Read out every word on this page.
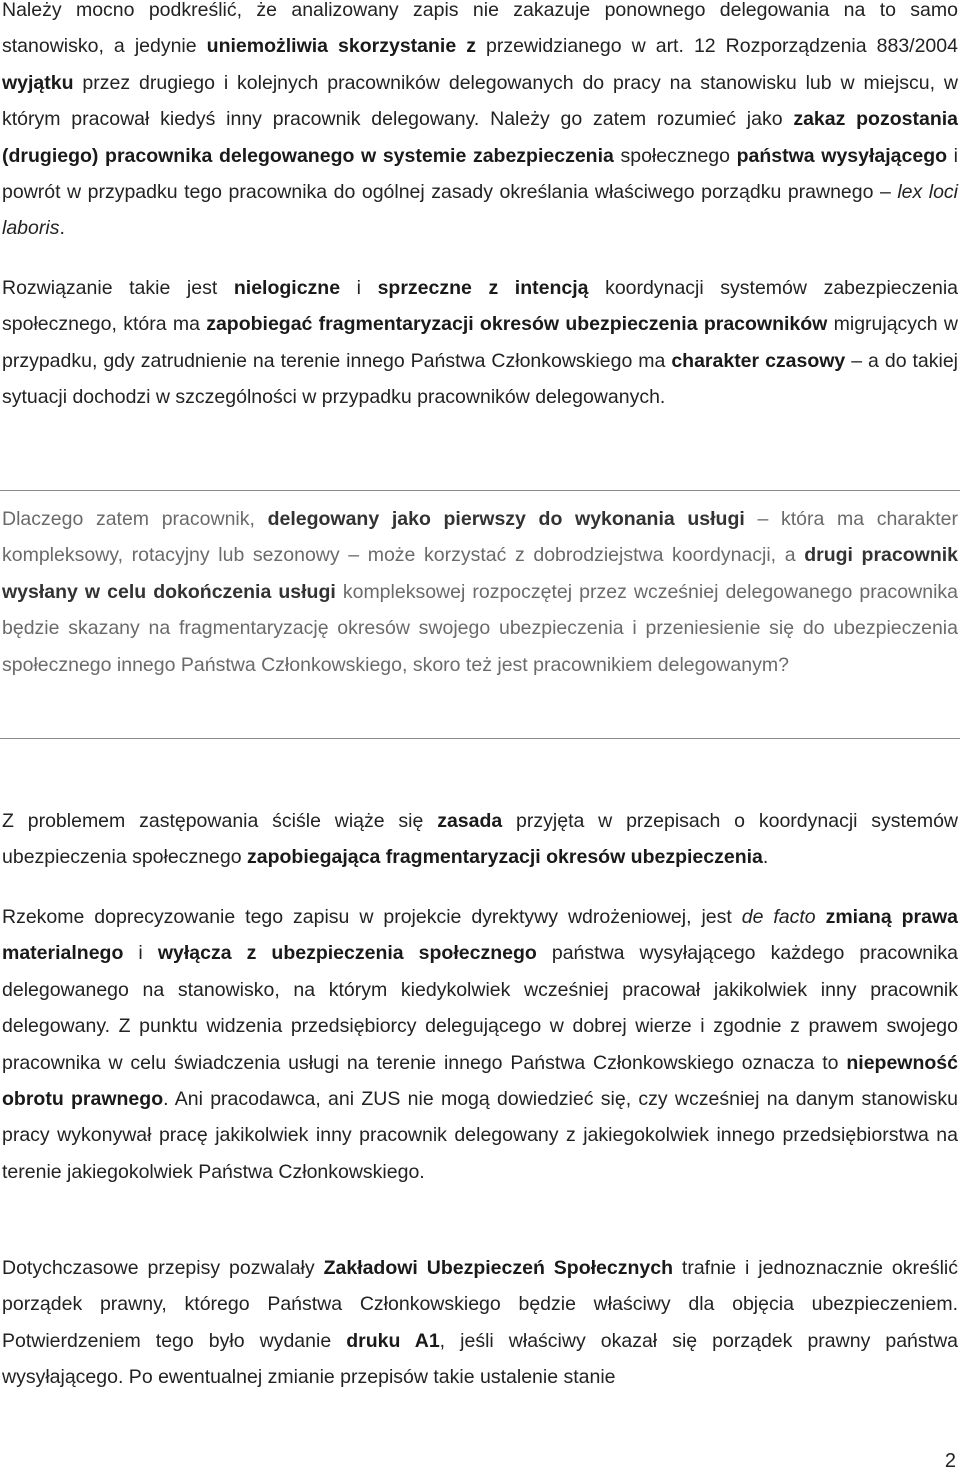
Należy mocno podkreślić, że analizowany zapis nie zakazuje ponownego delegowania na to samo stanowisko, a jedynie uniemożliwia skorzystanie z przewidzianego w art. 12 Rozporządzenia 883/2004 wyjątku przez drugiego i kolejnych pracowników delegowanych do pracy na stanowisku lub w miejscu, w którym pracował kiedyś inny pracownik delegowany. Należy go zatem rozumieć jako zakaz pozostania (drugiego) pracownika delegowanego w systemie zabezpieczenia społecznego państwa wysyłającego i powrót w przypadku tego pracownika do ogólnej zasady określania właściwego porządku prawnego – lex loci laboris.

Rozwiązanie takie jest nielogiczne i sprzeczne z intencją koordynacji systemów zabezpieczenia społecznego, która ma zapobiegać fragmentaryzacji okresów ubezpieczenia pracowników migrujących w przypadku, gdy zatrudnienie na terenie innego Państwa Członkowskiego ma charakter czasowy – a do takiej sytuacji dochodzi w szczególności w przypadku pracowników delegowanych.

Dlaczego zatem pracownik, delegowany jako pierwszy do wykonania usługi – która ma charakter kompleksowy, rotacyjny lub sezonowy – może korzystać z dobrodziejstwa koordynacji, a drugi pracownik wysłany w celu dokończenia usługi kompleksowej rozpoczętej przez wcześniej delegowanego pracownika będzie skazany na fragmentaryzację okresów swojego ubezpieczenia i przeniesienie się do ubezpieczenia społecznego innego Państwa Członkowskiego, skoro też jest pracownikiem delegowanym?

Z problemem zastępowania ściśle wiąże się zasada przyjęta w przepisach o koordynacji systemów ubezpieczenia społecznego zapobiegająca fragmentaryzacji okresów ubezpieczenia.

Rzekome doprecyzowanie tego zapisu w projekcie dyrektywy wdrożeniowej, jest de facto zmianą prawa materialnego i wyłącza z ubezpieczenia społecznego państwa wysyłającego każdego pracownika delegowanego na stanowisko, na którym kiedykolwiek wcześniej pracował jakikolwiek inny pracownik delegowany. Z punktu widzenia przedsiębiorcy delegującego w dobrej wierze i zgodnie z prawem swojego pracownika w celu świadczenia usługi na terenie innego Państwa Członkowskiego oznacza to niepewność obrotu prawnego. Ani pracodawca, ani ZUS nie mogą dowiedzieć się, czy wcześniej na danym stanowisku pracy wykonywał pracę jakikolwiek inny pracownik delegowany z jakiegokolwiek innego przedsiębiorstwa na terenie jakiegokolwiek Państwa Członkowskiego.

Dotychczasowe przepisy pozwalały Zakładowi Ubezpieczeń Społecznych trafnie i jednoznacznie określić porządek prawny, którego Państwa Członkowskiego będzie właściwy dla objęcia ubezpieczeniem. Potwierdzeniem tego było wydanie druku A1, jeśli właściwy okazał się porządek prawny państwa wysyłającego. Po ewentualnej zmianie przepisów takie ustalenie stanie

2
